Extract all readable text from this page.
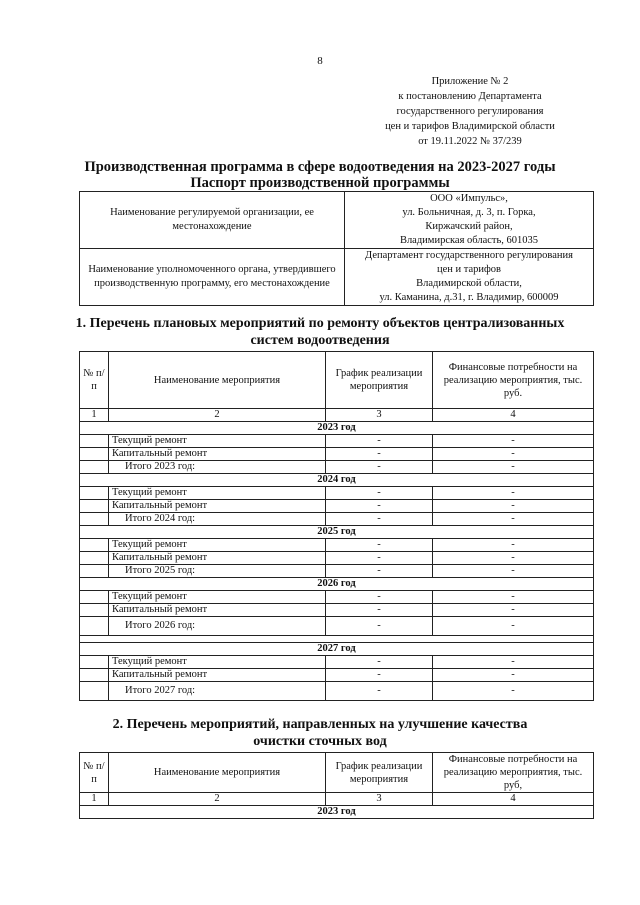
8
Приложение № 2
к постановлению Департамента
государственного регулирования
цен и тарифов Владимирской области
от 19.11.2022 № 37/239
Производственная программа в сфере водоотведения на 2023-2027 годы
Паспорт производственной программы
Наименование регулируемой организации, ее местонахождение	ООО «Импульс»,
ул. Больничная, д. 3, п. Горка,
Киржачский район,
Владимирская область, 601035

Наименование уполномоченного органа, утвердившего производственную программу, его местонахождение	Департамент государственного регулирования
цен и тарифов
Владимирской области,
ул. Каманина, д.31, г. Владимир, 600009
1. Перечень плановых мероприятий по ремонту объектов централизованных
систем водоотведения
№ п/п	Наименование мероприятия	График реализации мероприятия	Финансовые потребности на реализацию мероприятия, тыс. руб.
1	2	3	4
2023 год			
	Текущий ремонт	-	-
	Капитальный ремонт	-	-
	Итого 2023 год:	-	-
2024 год			
	Текущий ремонт	-	-
	Капитальный ремонт	-	-
	Итого 2024 год:	-	-
2025 год			
	Текущий ремонт	-	-
	Капитальный ремонт	-	-
	Итого 2025 год:	-	-
2026 год			
	Текущий ремонт	-	-
	Капитальный ремонт	-	-
	Итого 2026 год:	-	-

2027 год			
	Текущий ремонт	-	-
	Капитальный ремонт	-	-
	Итого 2027 год:	-	-
2. Перечень мероприятий, направленных на улучшение качества
очистки сточных вод
№ п/п	Наименование мероприятия	График реализации мероприятия	Финансовые потребности на реализацию мероприятия, тыс. руб,
1	2	3	4
2023 год			
